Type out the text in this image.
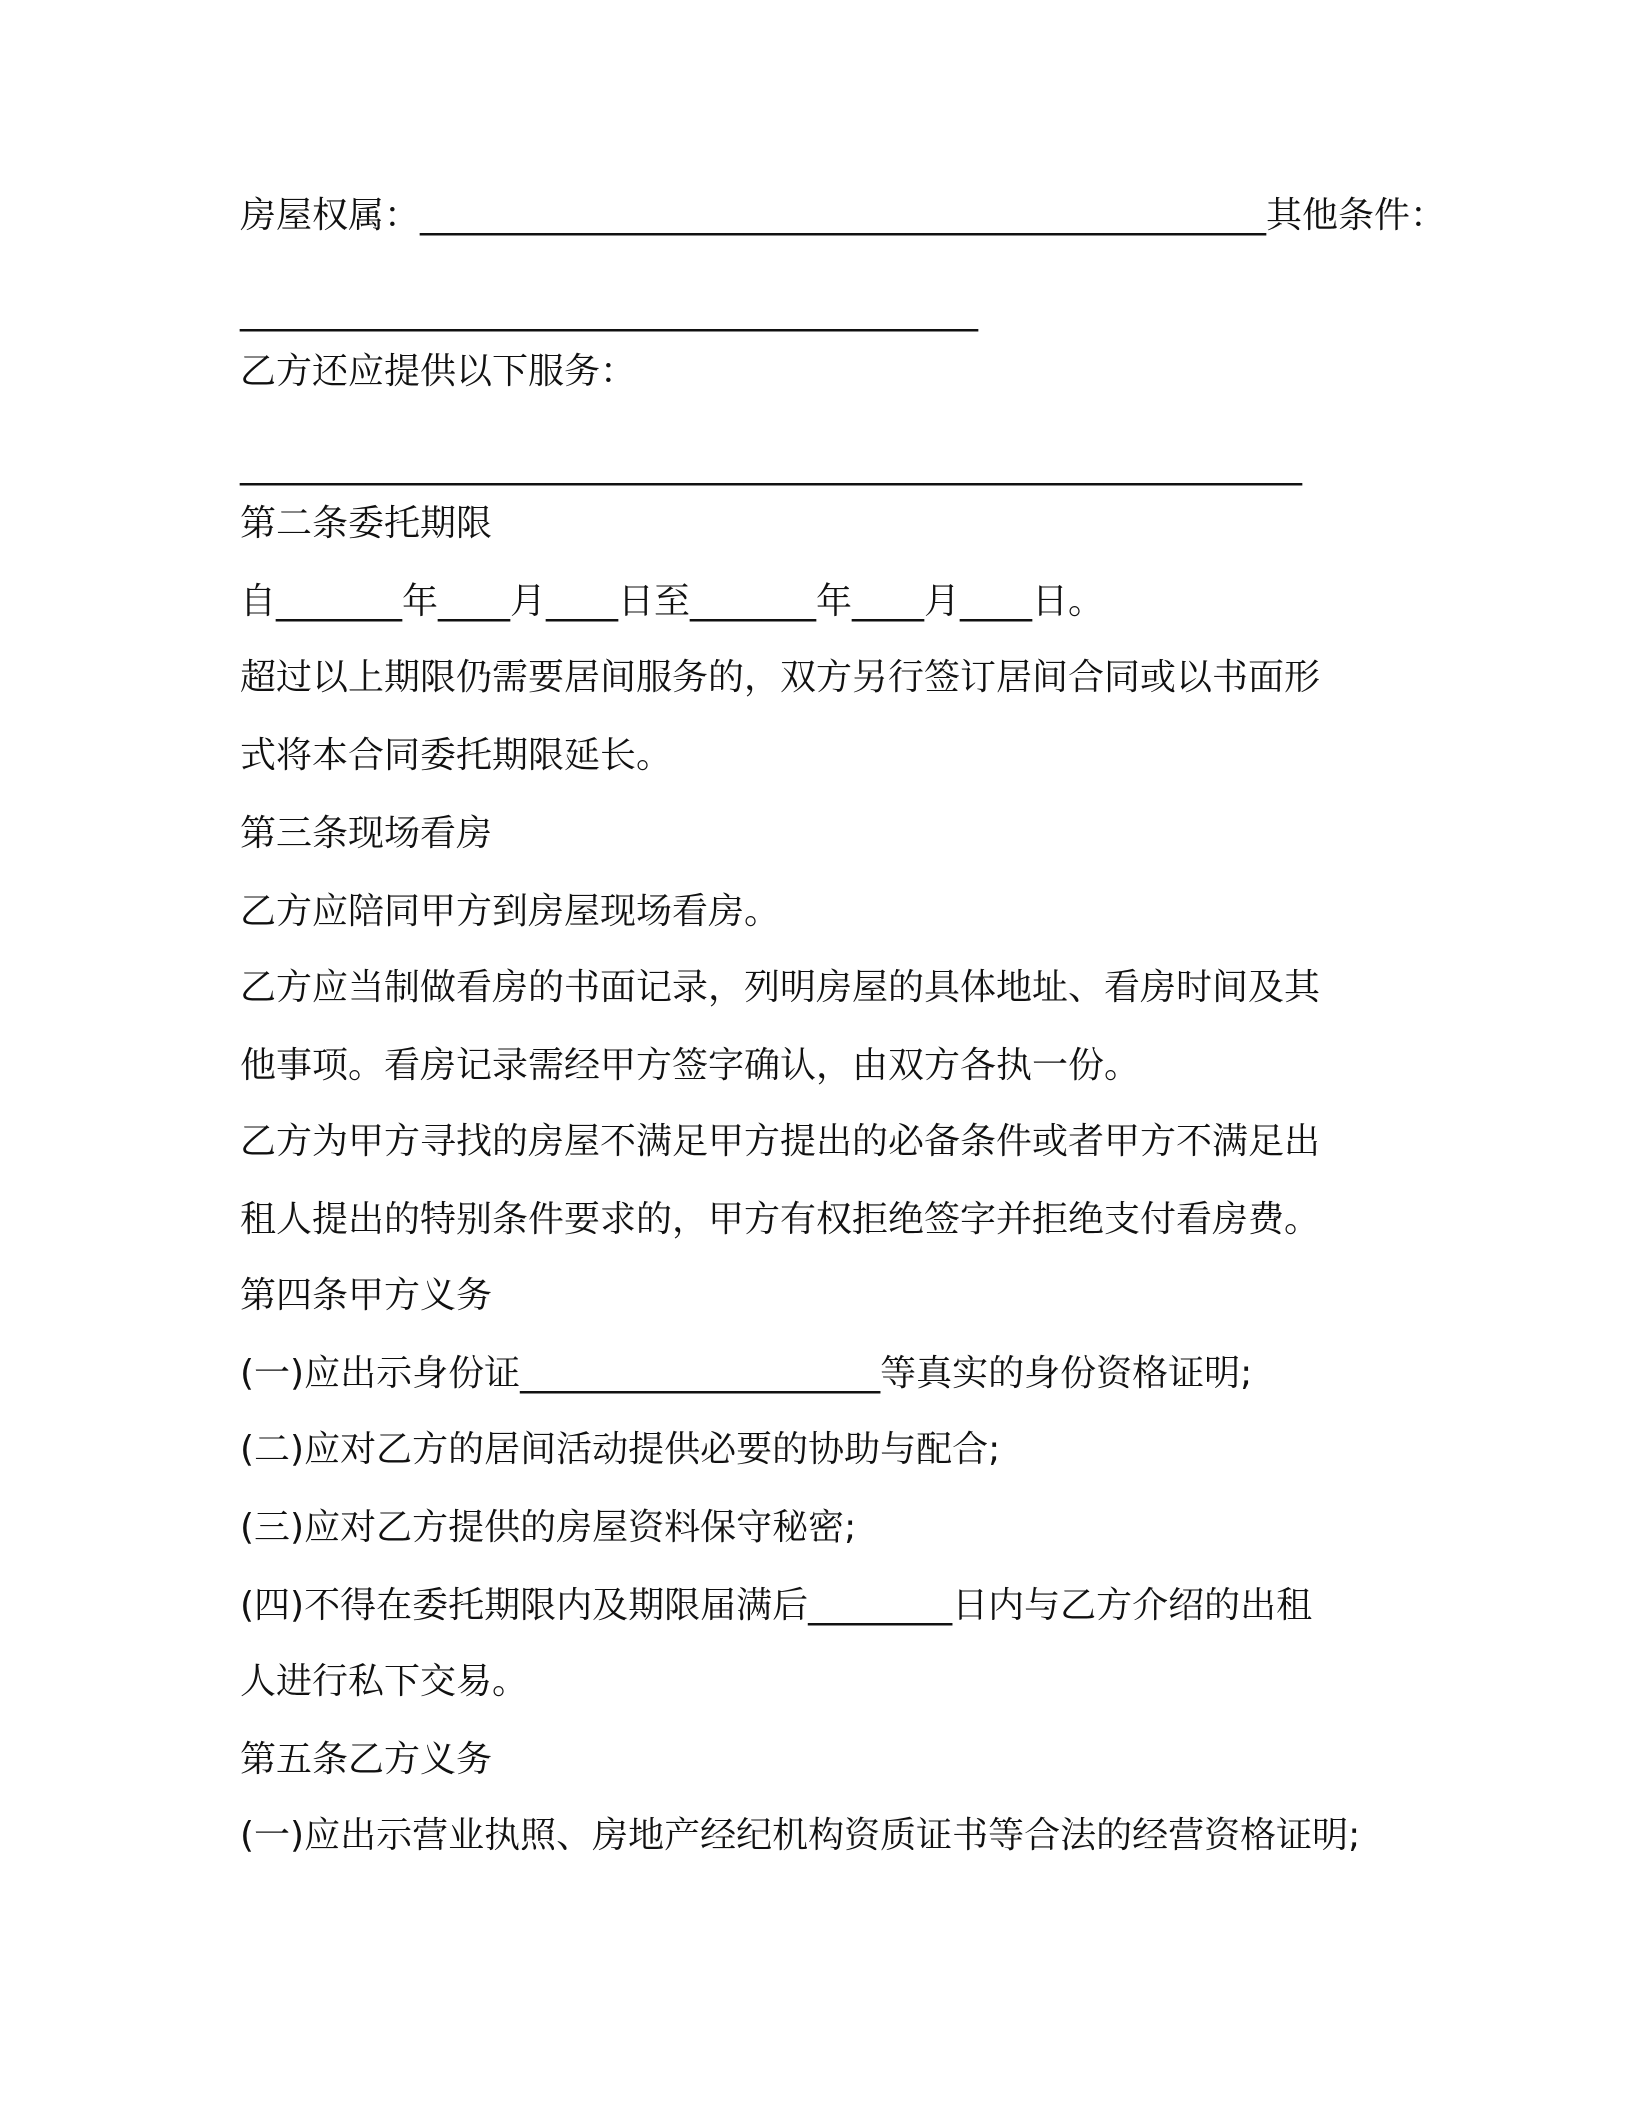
房屋权属：_______________________________________________其他条件：
_________________________________________
乙方还应提供以下服务：
___________________________________________________________
第二条委托期限
自_______年____月____日至_______年____月____日。
超过以上期限仍需要居间服务的，双方另行签订居间合同或以书面形
式将本合同委托期限延长。
第三条现场看房
乙方应陪同甲方到房屋现场看房。
乙方应当制做看房的书面记录，列明房屋的具体地址、看房时间及其
他事项。看房记录需经甲方签字确认，由双方各执一份。
乙方为甲方寻找的房屋不满足甲方提出的必备条件或者甲方不满足出
租人提出的特别条件要求的，甲方有权拒绝签字并拒绝支付看房费。
第四条甲方义务
(一)应出示身份证____________________等真实的身份资格证明;
(二)应对乙方的居间活动提供必要的协助与配合;
(三)应对乙方提供的房屋资料保守秘密;
(四)不得在委托期限内及期限届满后________日内与乙方介绍的出租
人进行私下交易。
第五条乙方义务
(一)应出示营业执照、房地产经纪机构资质证书等合法的经营资格证明;
